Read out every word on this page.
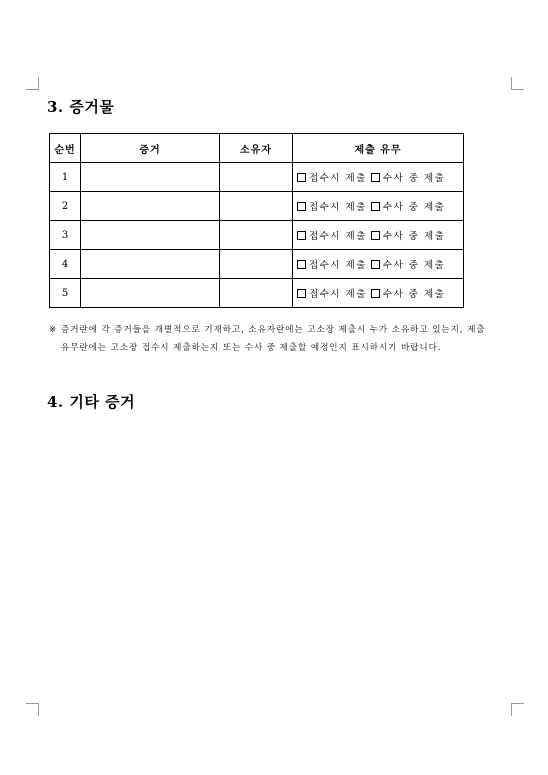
3. 증거물
순번	증거	소유자	제출 유무
1			접수시 제출 수사 중 제출
2			접수시 제출 수사 중 제출
3			접수시 제출 수사 중 제출
4			접수시 제출 수사 중 제출
5			접수시 제출 수사 중 제출
※ 증거란에 각 증거들을 개별적으로 기재하고, 소유자란에는 고소장 제출시 누가 소유하고 있는지, 제출 유무란에는 고소장 접수시 제출하는지 또는 수사 중 제출할 예정인지 표시하시기 바랍니다.
4. 기타 증거
